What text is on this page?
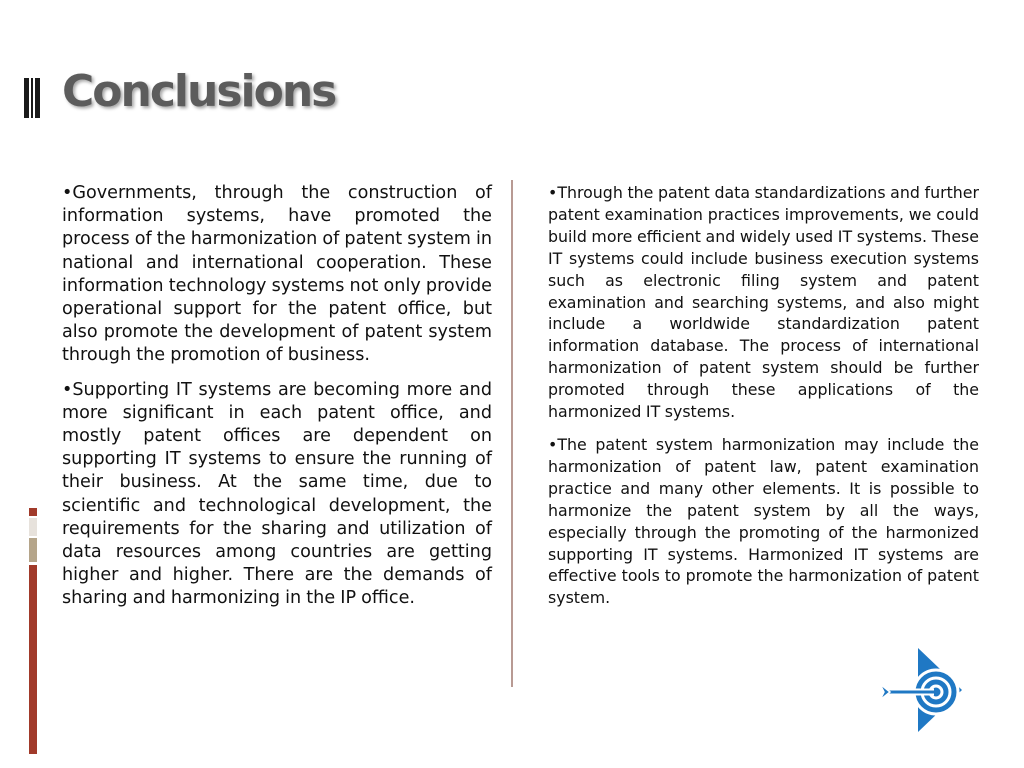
Conclusions

•Governments, through the construction of information systems, have promoted the process of the harmonization of patent system in national and international cooperation. These information technology systems not only provide operational support for the patent office, but also promote the development of patent system through the promotion of business.

•Supporting IT systems are becoming more and more significant in each patent office, and mostly patent offices are dependent on supporting IT systems to ensure the running of their business. At the same time, due to scientific and technological development, the requirements for the sharing and utilization of data resources among countries are getting higher and higher. There are the demands of sharing and harmonizing in the IP office.

•Through the patent data standardizations and further patent examination practices improvements, we could build more efficient and widely used IT systems. These IT systems could include business execution systems such as electronic filing system and patent examination and searching systems, and also might include a worldwide standardization patent information database. The process of international harmonization of patent system should be further promoted through these applications of the harmonized IT systems.

•The patent system harmonization may include the harmonization of patent law, patent examination practice and many other elements. It is possible to harmonize the patent system by all the ways, especially through the promoting of the harmonized supporting IT systems. Harmonized IT systems are effective tools to promote the harmonization of patent system.
